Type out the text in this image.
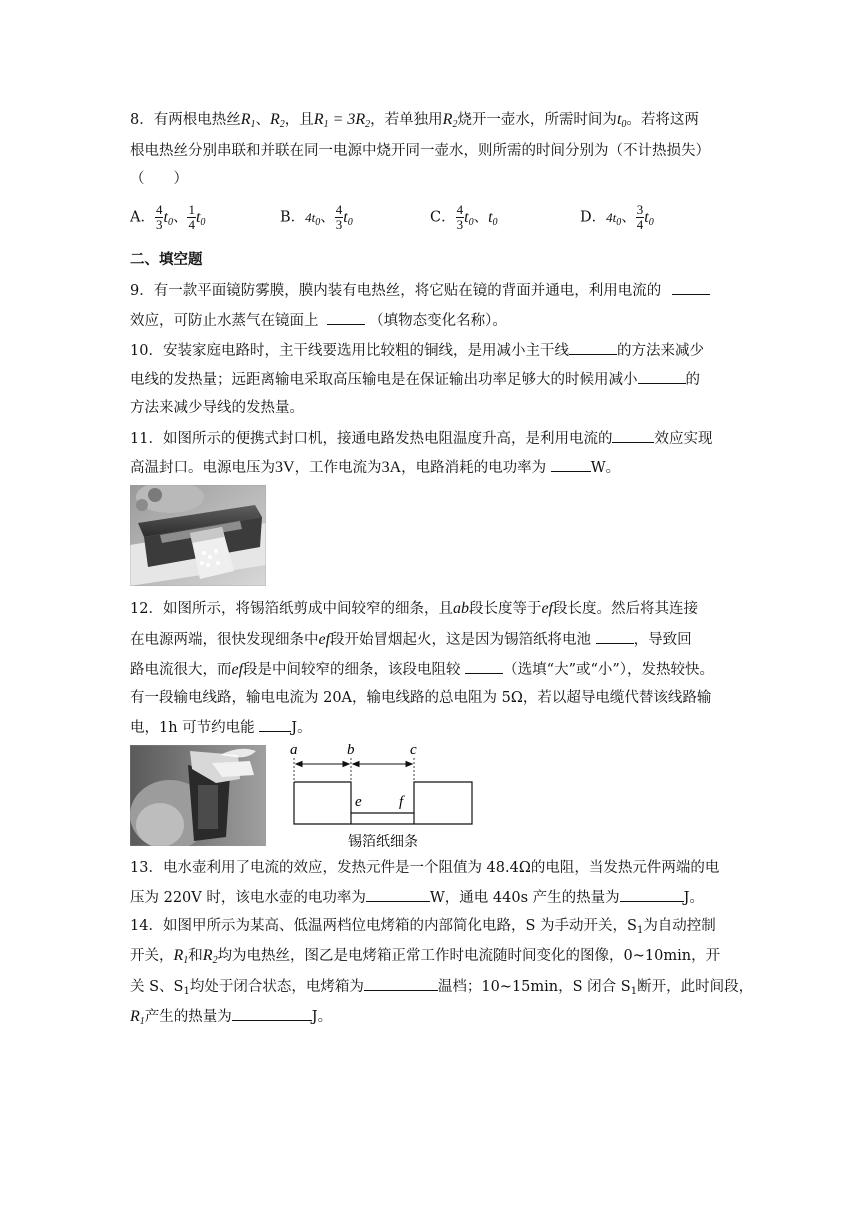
8．有两根电热丝$R_1$、$R_2$，且$R_1 = 3R_2$，若单独用$R_2$烧开一壶水，所需时间为$t_0$。若将这两
根电热丝分别串联和并联在同一电源中烧开同一壶水，则所需的时间分别为（不计热损失）
（　　）
A． $\frac{4}{3} t_0$、 $\frac{1}{4} t_0$	B．$4t_0$、 $\frac{4}{3} t_0$	C． $\frac{4}{3} t_0$、$t_0$	D．$4t_0$、 $\frac{3}{4} t_0$
二、填空题
9．有一款平面镜防雾膜，膜内装有电热丝，将它贴在镜的背面并通电，利用电流的
效应，可防止水蒸气在镜面上	（填物态变化名称）。
10．安装家庭电路时，主干线要选用比较粗的铜线，是用减小主干线	的方法来减少
电线的发热量；远距离输电采取高压输电是在保证输出功率足够大的时候用减小	的
方法来减少导线的发热量。
11．如图所示的便携式封口机，接通电路发热电阻温度升高，是利用电流的	效应实现
高温封口。电源电压为3V，工作电流为3A，电路消耗的电功率为	W。
12．如图所示，将锡箔纸剪成中间较窄的细条，且ab段长度等于ef段长度。然后将其连接
在电源两端，很快发现细条中ef段开始冒烟起火，这是因为锡箔纸将电池	，导致回
路电流很大，而ef段是中间较窄的细条，该段电阻较	（选填“大”或“小”），发热较快。
有一段输电线路，输电电流为 20A，输电线路的总电阻为 5Ω，若以超导电缆代替该线路输
电，1h 可节约电能	J。
a	b	c
e f
锡箔纸细条
13．电水壶利用了电流的效应，发热元件是一个阻值为 48.4Ω的电阻，当发热元件两端的电
压为 220V 时，该电水壶的电功率为	W，通电 440s 产生的热量为	J。
14．如图甲所示为某高、低温两档位电烤箱的内部简化电路，S 为手动开关，$S_1$为自动控制
开关，$R_1$和$R_2$均为电热丝，图乙是电烤箱正常工作时电流随时间变化的图像，0~10min，开
关 S、$S_1$均处于闭合状态，电烤箱为	温档；10~15min，S 闭合 $S_1$断开，此时间段，
$R_1$产生的热量为	J。
